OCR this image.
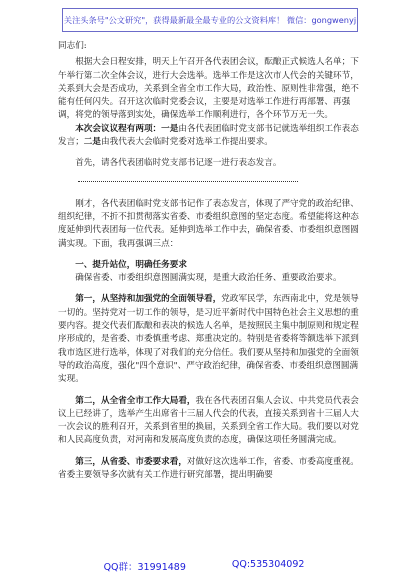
关注头条号"公文研究"，获得最新最全最专业的公文资料库！ 微信：gongwenyj

同志们:

根据大会日程安排，明天上午召开各代表团会议，酝酿正式候选人名单；下午举行第二次全体会议，进行大会选举。选举工作是这次市人代会的关键环节，关系到大会是否成功，关系到全省全市工作大局，政治性、原则性非常强，绝不能有任何闪失。召开这次临时党委会议，主要是对选举工作进行再部署、再强调，将党的领导落到实处，确保选举工作顺利进行，各个环节万无一失。

本次会议议程有两项：一是由各代表团临时党支部书记就选举组织工作表态发言；二是由我代表大会临时党委对选举工作提出要求。

首先，请各代表团临时党支部书记逐一进行表态发言。

刚才，各代表团临时党支部书记作了表态发言，体现了严守党的政治纪律、组织纪律，不折不扣贯彻落实省委、市委组织意图的坚定态度。希望能将这种态度延伸到代表团每一位代表。延伸到选举工作中去，确保省委、市委组织意图圆满实现。下面，我再强调三点：

一、提升站位，明确任务要求

确保省委、市委组织意图圆满实现，是重大政治任务、重要政治要求。

第一，从坚持和加强党的全面领导看，党政军民学，东西南北中，党是领导一切的。坚持党对一切工作的领导，是习近平新时代中国特色社会主义思想的重要内容。提交代表们酝酿和表决的候选人名单，是按照民主集中制原则和规定程序形成的，是省委、市委慎重考虑、郑重决定的。特别是省委将等额选举下派到我市选区进行选举，体现了对我们的充分信任。我们要从坚持和加强党的全面领导的政治高度，强化"四个意识"、严守政治纪律，确保省委、市委组织意图圆满实现。

第二，从全省全市工作大局看，我在各代表团召集人会议、中共党员代表会议上已经讲了，选举产生出席省十三届人代会的代表，直接关系到省十三届人大一次会议的胜利召开，关系到省里的换届，关系到全省工作大局。我们要以对党和人民高度负责，对河南和发展高度负责的态度，确保这项任务圆满完成。

第三，从省委、市委要求看，对做好这次选举工作，省委、市委高度重视。省委主要领导多次就有关工作进行研究部署，提出明确要

QQ群：31991489	QQ:535304092
